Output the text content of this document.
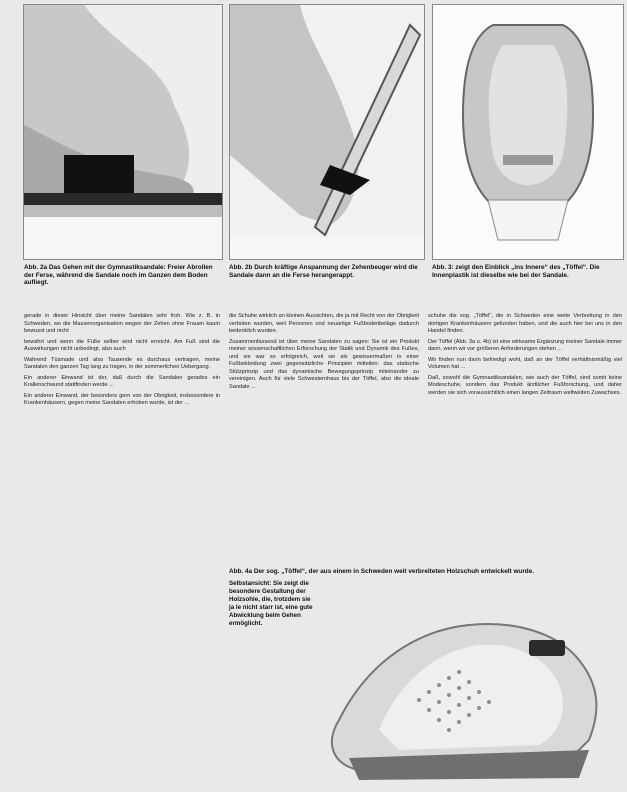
Abb. 2a Das Gehen mit der Gymnastiksandale: Freier Abrollen der Ferse, während die Sandale noch im Ganzen dem Boden aufliegt.
Abb. 2b Durch kräftige Anspannung der Zehenbeuger wird die Sandale dann an die Ferse herangerappt.
Abb. 3: zeigt den Einblick „ins Innere“ des „Töffel“. Die Innenplastik ist dieselbe wie bei der Sandale.

gerade in dieser Hinsicht über meine Sandalen sehr froh. Wie z. B. in Schweden, wo die Massenorganisation wegen der Zehen ohne Frauen kaum bewusst und nicht

bewährt und wenn die Füße selber wird nicht erreicht. Am Fuß sind die Auswirkungen nicht unbedingt, also auch

Wahrend Tüsmade und also Tausende es durchaus vertragen, meine Sandalen den ganzen Tag lang zu tragen, in der sommerlichen Uebergang.

Ein anderer Einwand ist der, daß durch die Sandalen gerades ein Krallenschwund stattfinden werde ...

Ein anderer Einwand, der besonders gern von der Obrigkeit, insbesondere in Krankenhäusern, gegen meine Sandalen erhoben wurde, ist der ...

die Schuhe wirklich an kleinen Aussichten, die ja mit Recht von der Obrigkeit verboten wurden, weil Personen und neuartige Fußbodenbeläge dadurch bedenklich wurden.

Zusammenfassend ist über meine Sandalen zu sagen: Sie ist ein Produkt meiner wissenschaftlichen Erforschung der Statik und Dynamik des Fußes, und sie war so erfolgreich, weil sie als gewissermaßen in einer Fußbekleidung zwei gegensätzliche Prinzipien mitteilen: das statische Stützprinzip und das dynamische Bewegungsprinzip miteinander zu vereinigen. Auch für viele Schwesternhaus bis der Töffel, also die ideale Sandale ...

schuhe die sog. „Töffel“, die in Schweden eine weite Verbreitung in den dortigen Krankenhäusern gefunden haben, und die auch hier bei uns in den Handel finden.

Der Töffel (Abb. 3a u. 4b) ist eine wirksame Ergänzung meiner Sandale immer dann, wenn wir vor größeren Anforderungen stehen ...

Wir finden nun darin befriedigt wohl, daß an der Töffel verhältnismäßig viel Volumen hat ...

Daß, sowohl die Gymnastiksandalen, wie auch der Töffel, sind somit keine Modeschuhe, sondern das Produkt ärztlicher Fußforschung, und daher werden sie sich voraussichtlich einen langen Zeitraum weltweiten Zuwachses.

Abb. 4a Der sog. „Töffel“, der aus einem in Schweden weit verbreiteten Holzschuh entwickelt wurde.
Selbstansicht: Sie zeigt die besondere Gestaltung der Holzsohle, die, trotzdem sie ja le nicht starr ist, eine gute Abwicklung beim Gehen ermöglicht.
